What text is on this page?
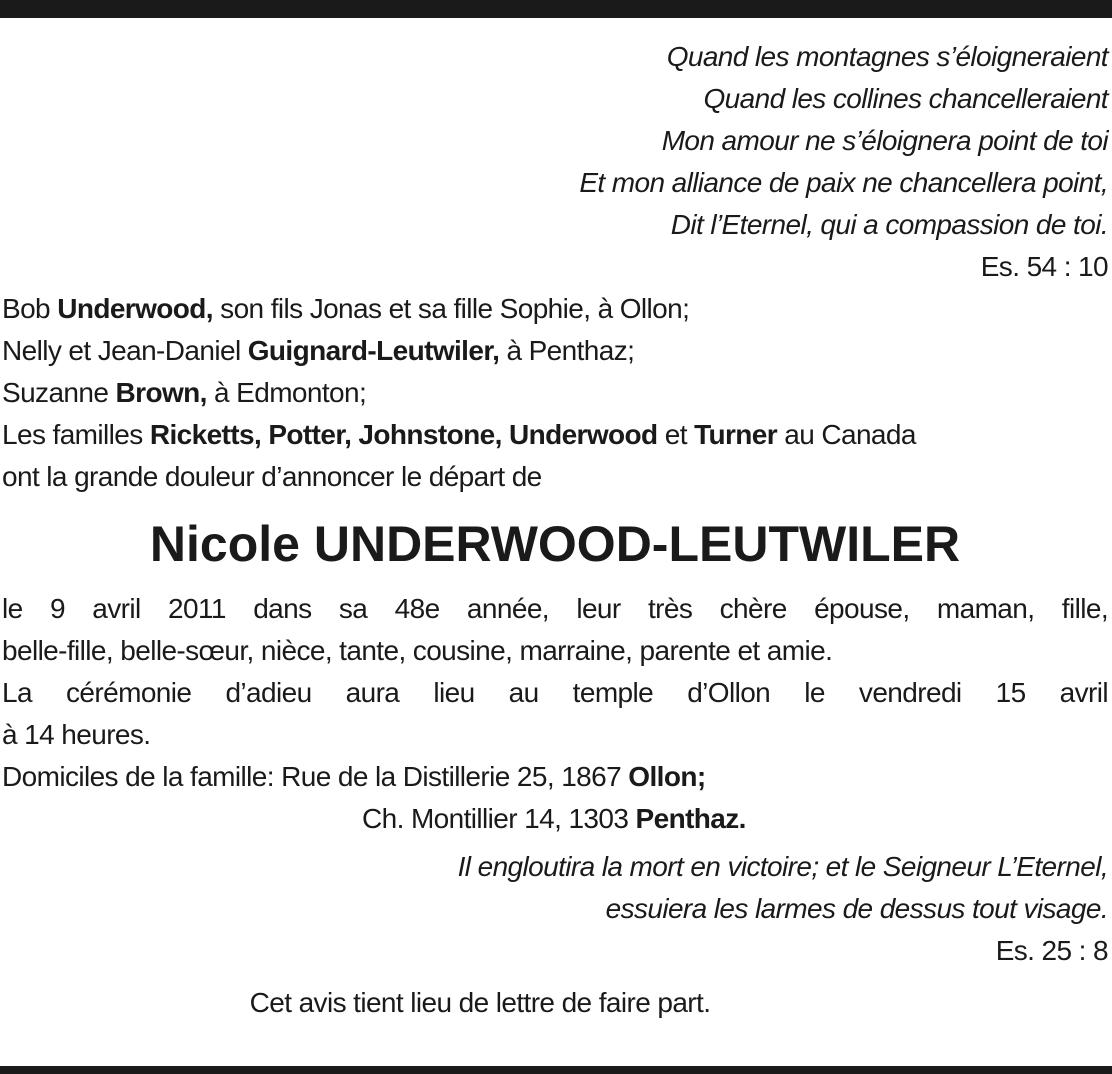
Quand les montagnes s’éloigneraient
Quand les collines chancelleraient
Mon amour ne s’éloignera point de toi
Et mon alliance de paix ne chancellera point,
Dit l’Eternel, qui a compassion de toi.
Es. 54 : 10
Bob Underwood, son fils Jonas et sa fille Sophie, à Ollon;
Nelly et Jean-Daniel Guignard-Leutwiler, à Penthaz;
Suzanne Brown, à Edmonton;
Les familles Ricketts, Potter, Johnstone, Underwood et Turner au Canada
ont la grande douleur d’annoncer le départ de
Nicole UNDERWOOD-LEUTWILER
le 9 avril 2011 dans sa 48e année, leur très chère épouse, maman, fille,
belle-fille, belle-sœur, nièce, tante, cousine, marraine, parente et amie.
La cérémonie d’adieu aura lieu au temple d’Ollon le vendredi 15 avril
à 14 heures.
Domiciles de la famille: Rue de la Distillerie 25, 1867 Ollon;
Ch. Montillier 14, 1303 Penthaz.
Il engloutira la mort en victoire; et le Seigneur L’Eternel,
essuiera les larmes de dessus tout visage.
Es. 25 : 8
Cet avis tient lieu de lettre de faire part.
